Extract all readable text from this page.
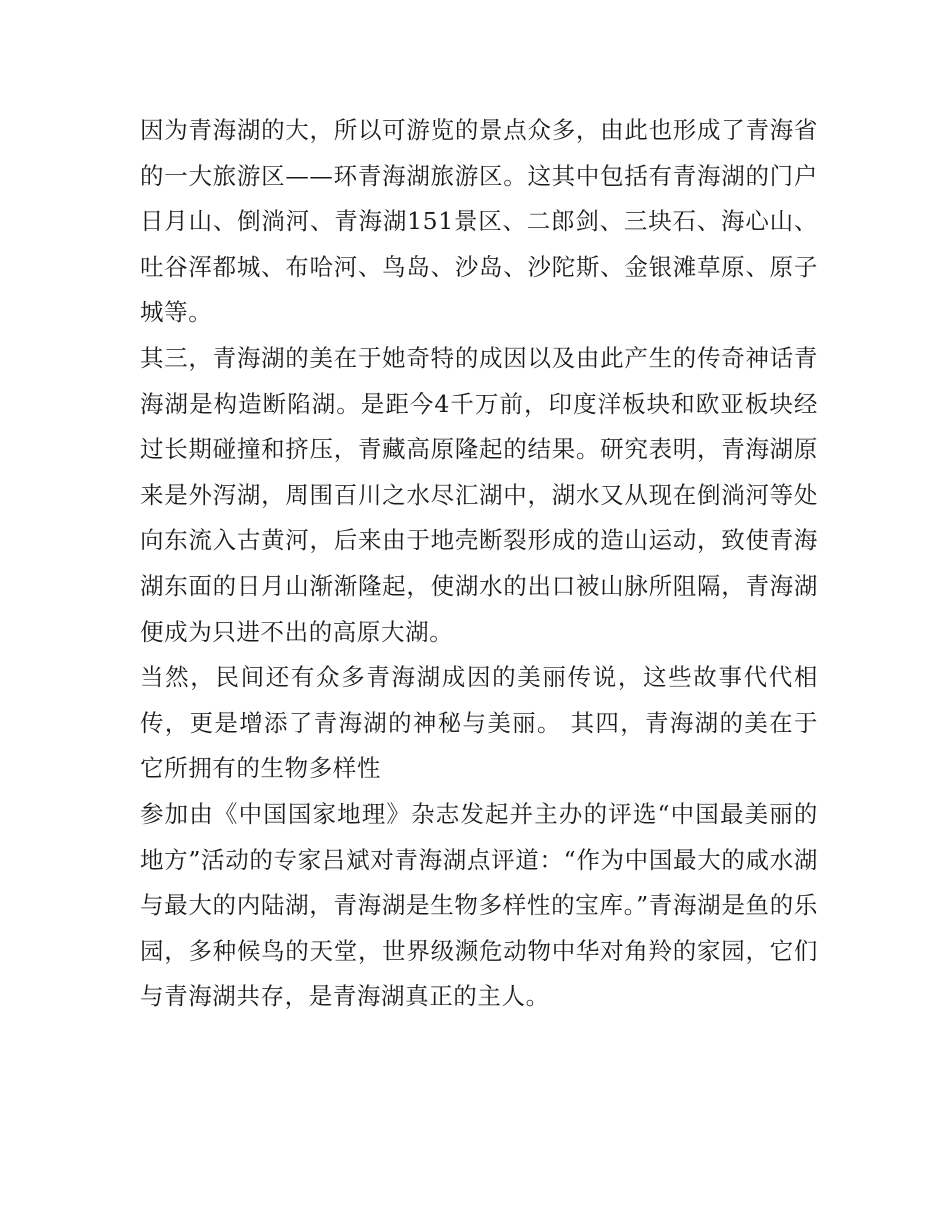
因为青海湖的大，所以可游览的景点众多，由此也形成了青海省的一大旅游区——环青海湖旅游区。这其中包括有青海湖的门户日月山、倒淌河、青海湖151景区、二郎剑、三块石、海心山、吐谷浑都城、布哈河、鸟岛、沙岛、沙陀斯、金银滩草原、原子城等。

其三，青海湖的美在于她奇特的成因以及由此产生的传奇神话青海湖是构造断陷湖。是距今4千万前，印度洋板块和欧亚板块经过长期碰撞和挤压，青藏高原隆起的结果。研究表明，青海湖原来是外泻湖，周围百川之水尽汇湖中，湖水又从现在倒淌河等处向东流入古黄河，后来由于地壳断裂形成的造山运动，致使青海湖东面的日月山渐渐隆起，使湖水的出口被山脉所阻隔，青海湖便成为只进不出的高原大湖。

当然，民间还有众多青海湖成因的美丽传说，这些故事代代相传，更是增添了青海湖的神秘与美丽。 其四，青海湖的美在于它所拥有的生物多样性

参加由《中国国家地理》杂志发起并主办的评选“中国最美丽的地方”活动的专家吕斌对青海湖点评道：“作为中国最大的咸水湖与最大的内陆湖，青海湖是生物多样性的宝库。”青海湖是鱼的乐园，多种候鸟的天堂，世界级濒危动物中华对角羚的家园，它们与青海湖共存，是青海湖真正的主人。
